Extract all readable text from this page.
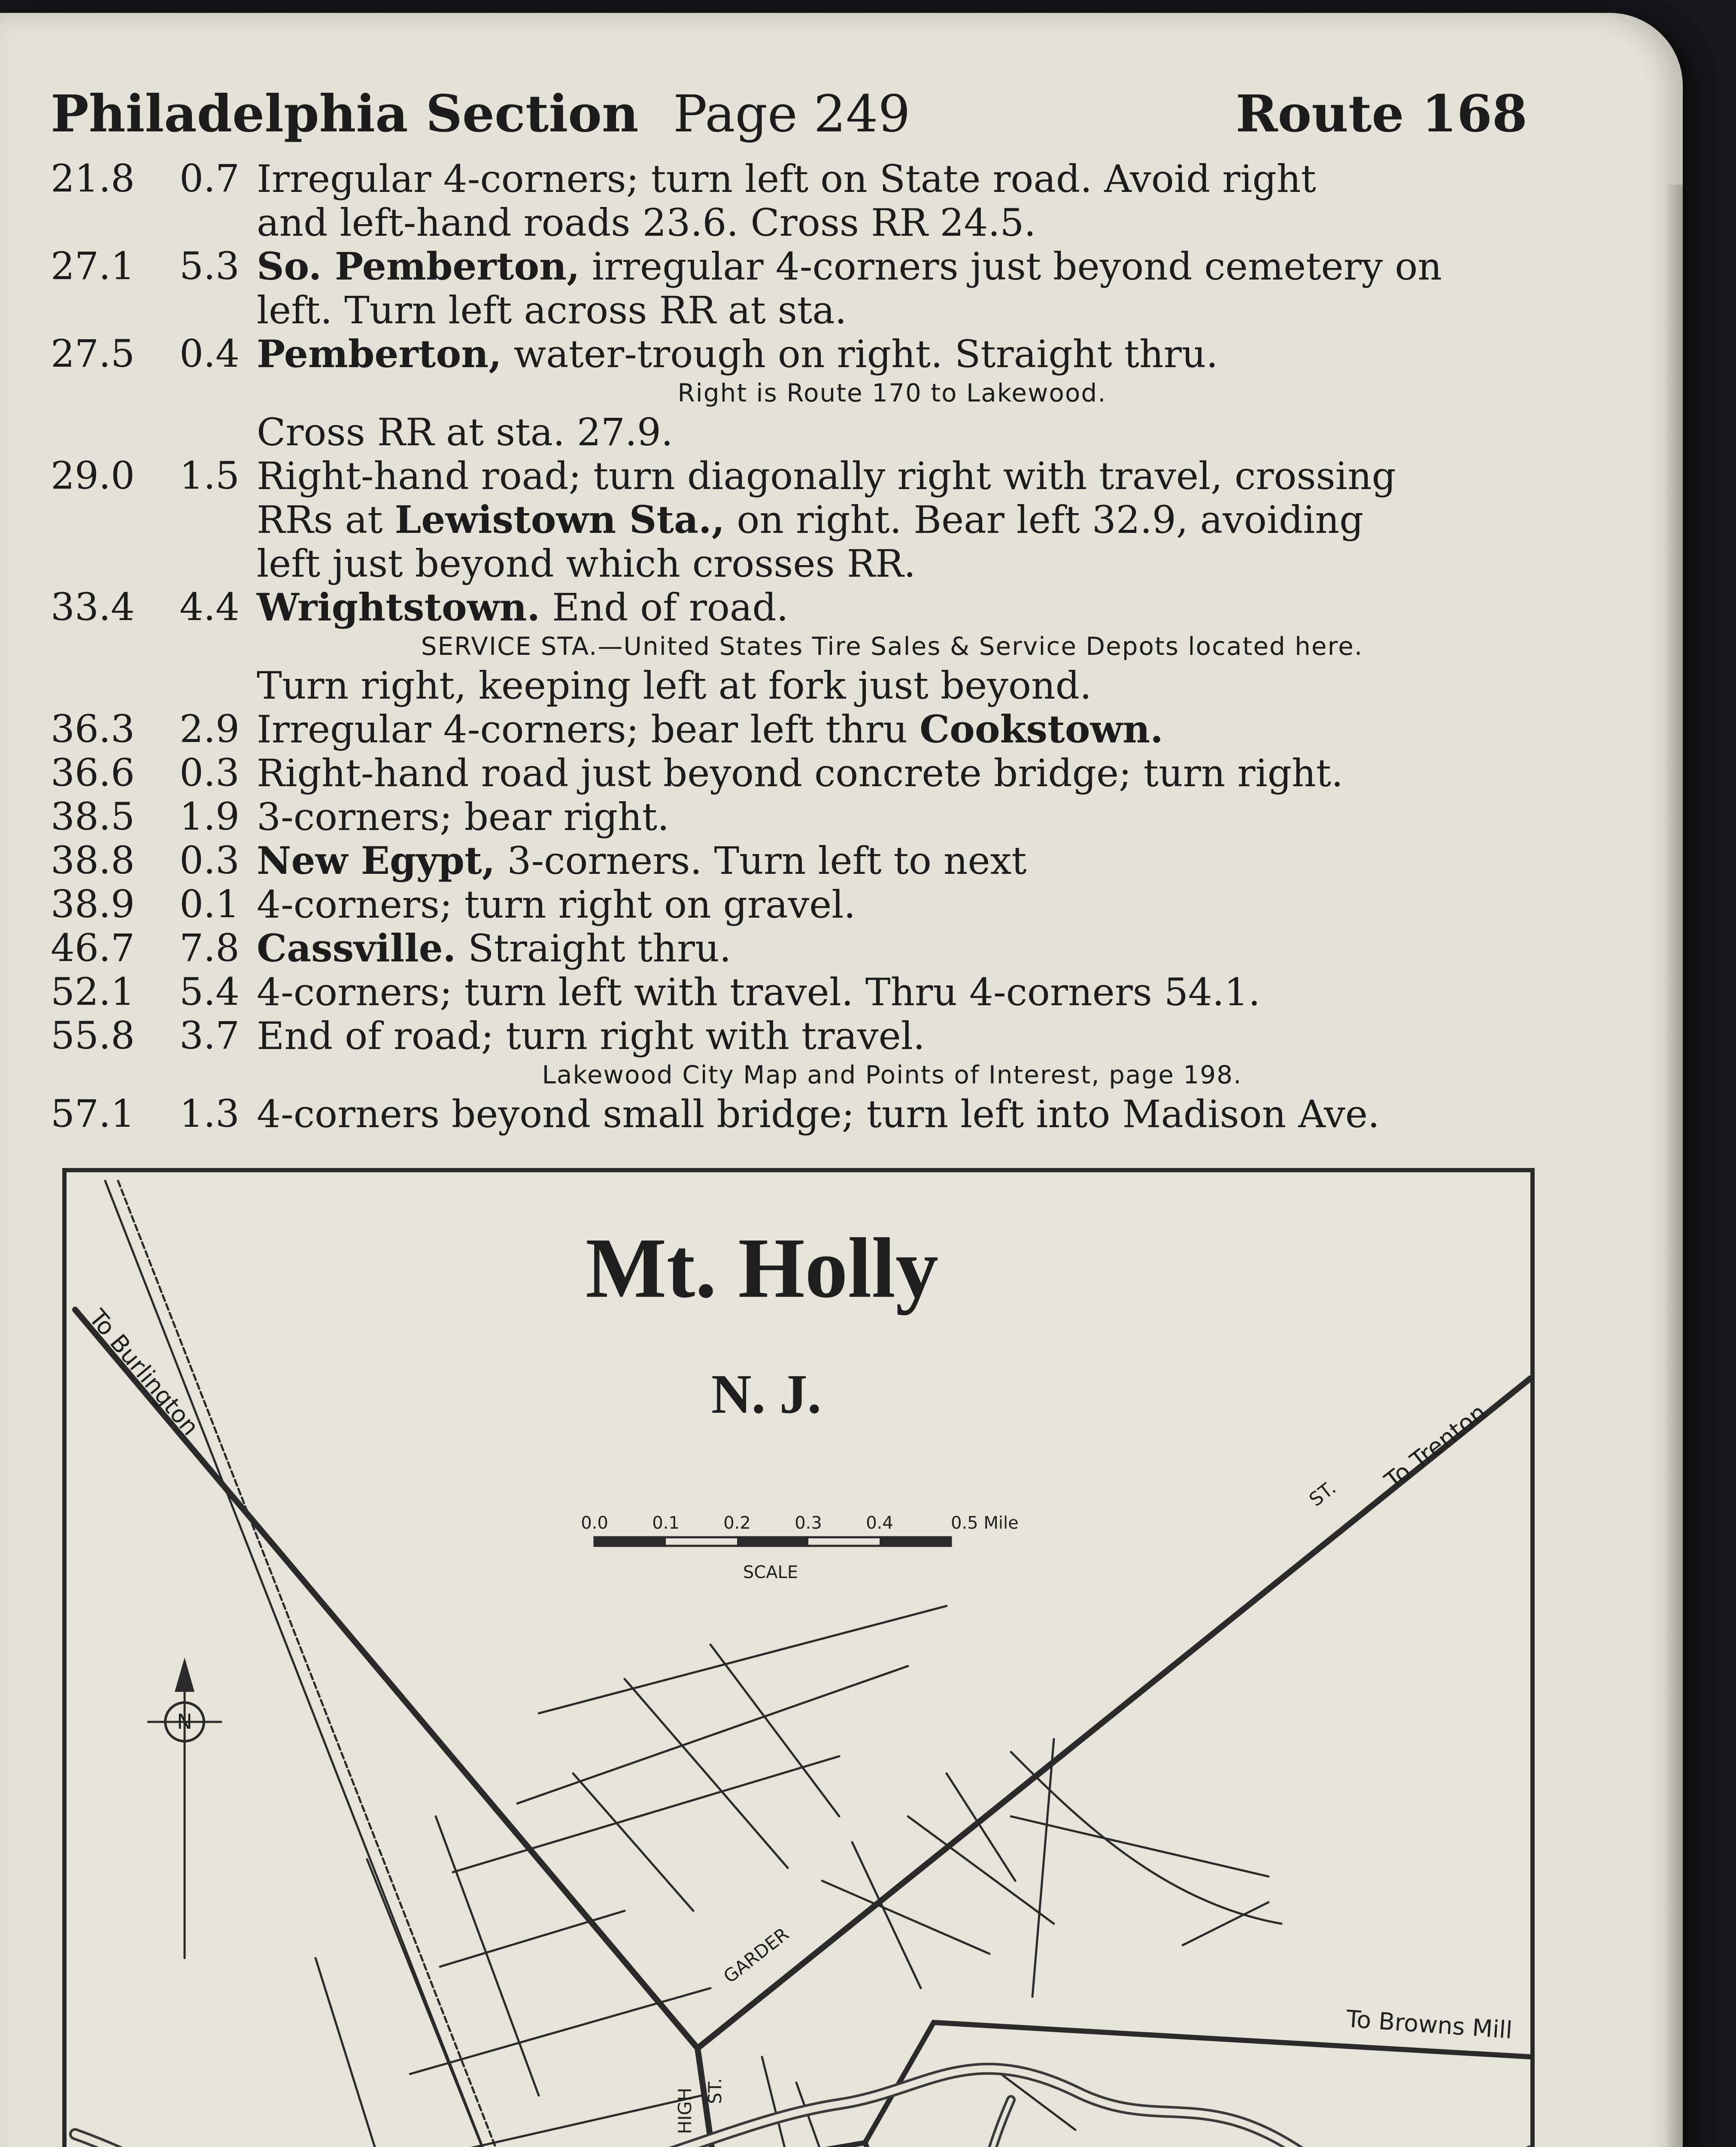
Philadelphia Section Page 249	Route 168
21.8	0.7 Irregular 4-corners; turn left on State road. Avoid right
and left-hand roads 23.6. Cross RR 24.5.
27.1	5.3 So. Pemberton, irregular 4-corners just beyond cemetery on
left. Turn left across RR at sta.
27.5	0.4 Pemberton, water-trough on right. Straight thru.
Right is Route 170 to Lakewood.
Cross RR at sta. 27.9.
29.0	1.5 Right-hand road; turn diagonally right with travel, crossing
RRs at Lewistown Sta., on right. Bear left 32.9, avoiding
left just beyond which crosses RR.
33.4	4.4 Wrightstown. End of road.
SERVICE STA.—United States Tire Sales & Service Depots located here.
Turn right, keeping left at fork just beyond.
36.3	2.9 Irregular 4-corners; bear left thru Cookstown.
36.6	0.3 Right-hand road just beyond concrete bridge; turn right.
38.5	1.9 3-corners; bear right.
38.8	0.3 New Egypt, 3-corners. Turn left to next
38.9	0.1 4-corners; turn right on gravel.
46.7	7.8 Cassville. Straight thru.
52.1	5.4 4-corners; turn left with travel. Thru 4-corners 54.1.
55.8	3.7 End of road; turn right with travel.
Lakewood City Map and Points of Interest, page 198.
57.1	1.3 4-corners beyond small bridge; turn left into Madison Ave.
Mt. Holly
N. J.
0.0	0.1	0.2	0.3	0.4	0.5 Mile
SCALE
N
To Burlington
To Trenton
ST.
GARDER
To Browns Mill
HIGH ST.
